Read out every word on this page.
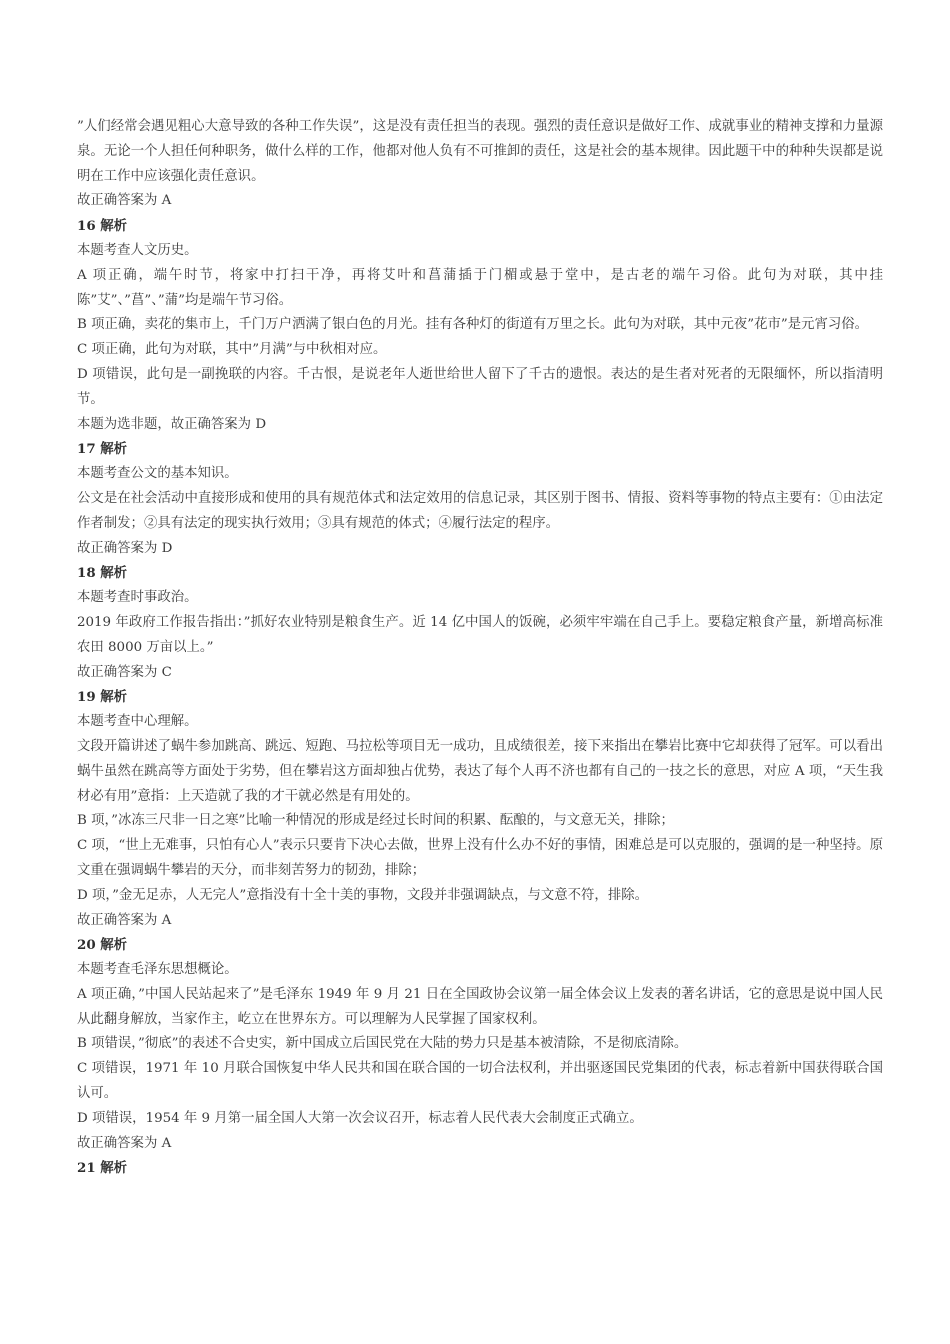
”人们经常会遇见粗心大意导致的各种工作失误”，这是没有责任担当的表现。强烈的责任意识是做好工作、成就事业的精神支撑和力量源泉。无论一个人担任何种职务，做什么样的工作，他都对他人负有不可推卸的责任，这是社会的基本规律。因此题干中的种种失误都是说明在工作中应该强化责任意识。

故正确答案为 A

16 解析

本题考查人文历史。

A 项正确，端午时节，将家中打扫干净，再将艾叶和菖蒲插于门楣或悬于堂中，是古老的端午习俗。此句为对联，其中挂陈”艾”、”菖”、”蒲”均是端午节习俗。

B 项正确，卖花的集市上，千门万户洒满了银白色的月光。挂有各种灯的街道有万里之长。此句为对联，其中元夜”花市”是元宵习俗。

C 项正确，此句为对联，其中”月满”与中秋相对应。

D 项错误，此句是一副挽联的内容。千古恨，是说老年人逝世给世人留下了千古的遗恨。表达的是生者对死者的无限缅怀，所以指清明节。

本题为选非题，故正确答案为 D

17 解析

本题考查公文的基本知识。

公文是在社会活动中直接形成和使用的具有规范体式和法定效用的信息记录，其区别于图书、情报、资料等事物的特点主要有：①由法定作者制发；②具有法定的现实执行效用；③具有规范的体式；④履行法定的程序。

故正确答案为 D

18 解析

本题考查时事政治。

2019 年政府工作报告指出：”抓好农业特别是粮食生产。近 14 亿中国人的饭碗，必须牢牢端在自己手上。要稳定粮食产量，新增高标准农田 8000 万亩以上。”

故正确答案为 C

19 解析

本题考查中心理解。

文段开篇讲述了蜗牛参加跳高、跳远、短跑、马拉松等项目无一成功，且成绩很差，接下来指出在攀岩比赛中它却获得了冠军。可以看出蜗牛虽然在跳高等方面处于劣势，但在攀岩这方面却独占优势，表达了每个人再不济也都有自己的一技之长的意思，对应 A 项，“天生我材必有用”意指：上天造就了我的才干就必然是有用处的。

B 项，”冰冻三尺非一日之寒”比喻一种情况的形成是经过长时间的积累、酝酿的，与文意无关，排除；

C 项，“世上无难事，只怕有心人”表示只要肯下决心去做，世界上没有什么办不好的事情，困难总是可以克服的，强调的是一种坚持。原文重在强调蜗牛攀岩的天分，而非刻苦努力的韧劲，排除；

D 项，”金无足赤，人无完人”意指没有十全十美的事物，文段并非强调缺点，与文意不符，排除。

故正确答案为 A

20 解析

本题考查毛泽东思想概论。

A 项正确，”中国人民站起来了”是毛泽东 1949 年 9 月 21 日在全国政协会议第一届全体会议上发表的著名讲话，它的意思是说中国人民从此翻身解放，当家作主，屹立在世界东方。可以理解为人民掌握了国家权利。

B 项错误，”彻底”的表述不合史实，新中国成立后国民党在大陆的势力只是基本被清除，不是彻底清除。

C 项错误，1971 年 10 月联合国恢复中华人民共和国在联合国的一切合法权利，并出驱逐国民党集团的代表，标志着新中国获得联合国认可。

D 项错误，1954 年 9 月第一届全国人大第一次会议召开，标志着人民代表大会制度正式确立。

故正确答案为 A

21 解析
